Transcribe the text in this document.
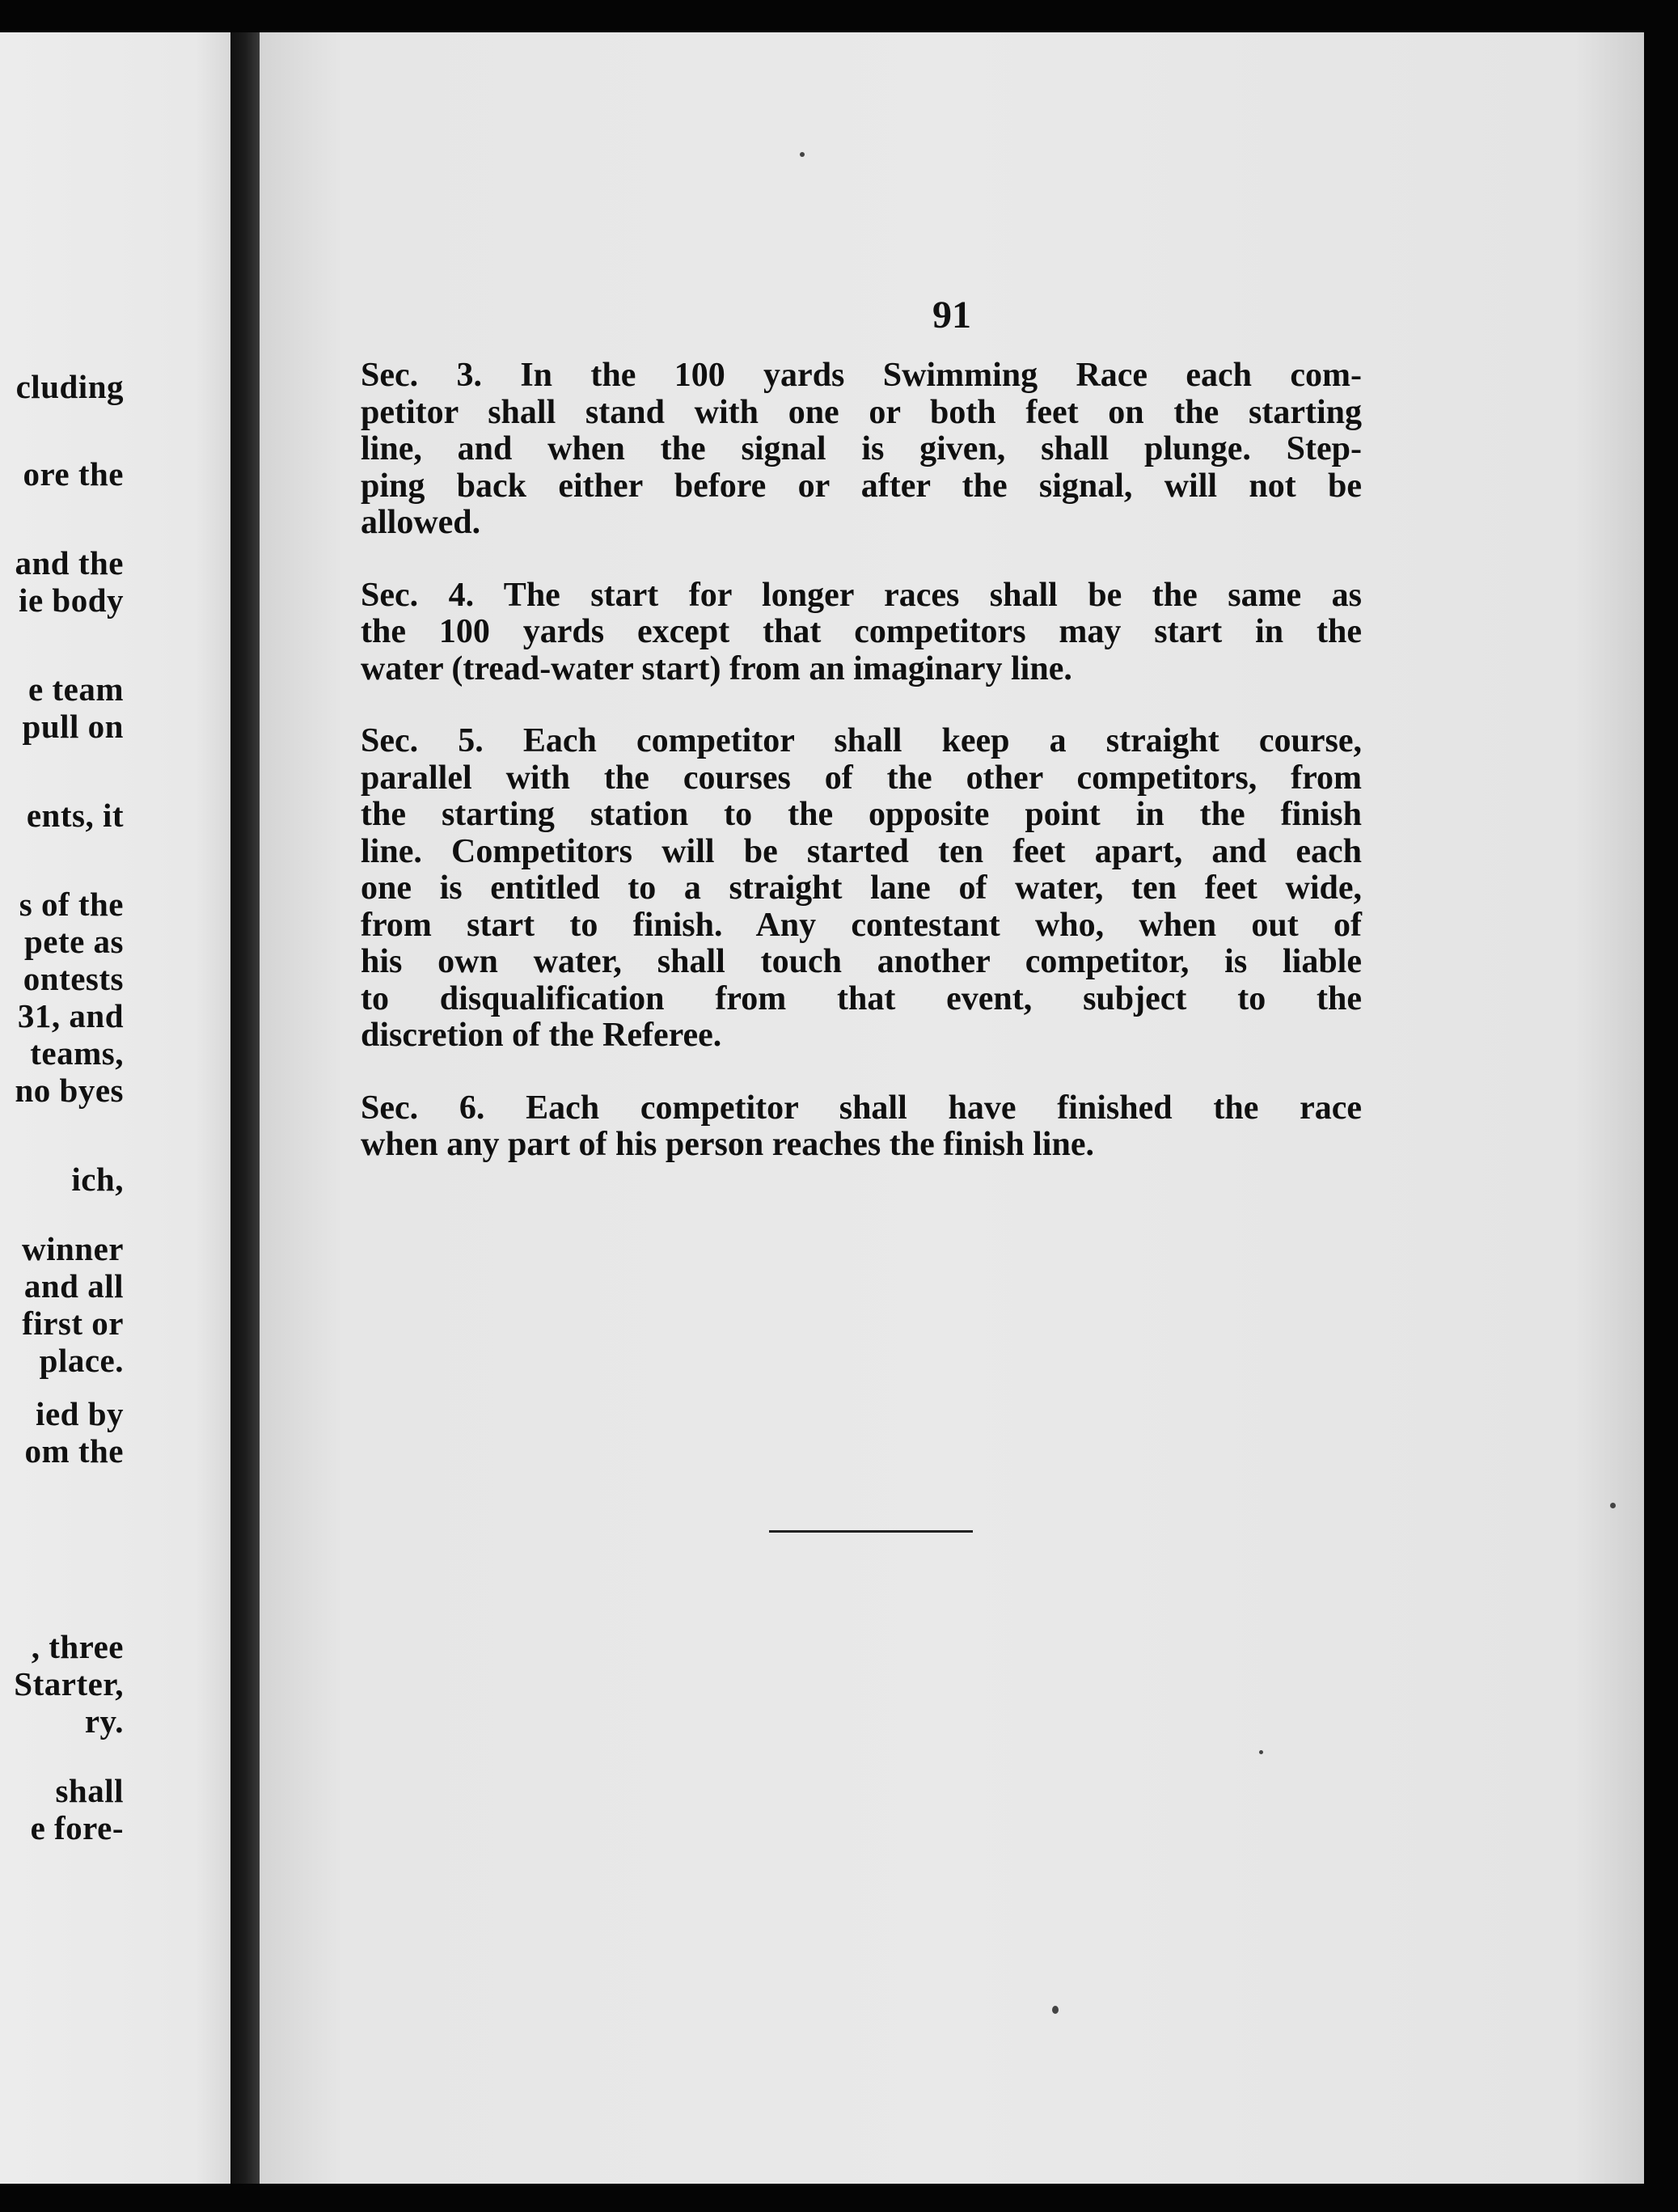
cluding
ore the
and the
ie body
e team
pull on
ents, it
s of the
pete as
ontests
31, and
teams,
no byes
ich,
winner
and all
first or
place.
ied by
om the
, three
Starter,
ry.
shall
e fore-
91
Sec. 3. In the 100 yards Swimming Race each com-
petitor shall stand with one or both feet on the starting
line, and when the signal is given, shall plunge. Step-
ping back either before or after the signal, will not be
allowed.
Sec. 4. The start for longer races shall be the same as
the 100 yards except that competitors may start in the
water (tread-water start) from an imaginary line.
Sec. 5. Each competitor shall keep a straight course,
parallel with the courses of the other competitors, from
the starting station to the opposite point in the finish
line. Competitors will be started ten feet apart, and each
one is entitled to a straight lane of water, ten feet wide,
from start to finish. Any contestant who, when out of
his own water, shall touch another competitor, is liable
to disqualification from that event, subject to the
discretion of the Referee.
Sec. 6. Each competitor shall have finished the race
when any part of his person reaches the finish line.
